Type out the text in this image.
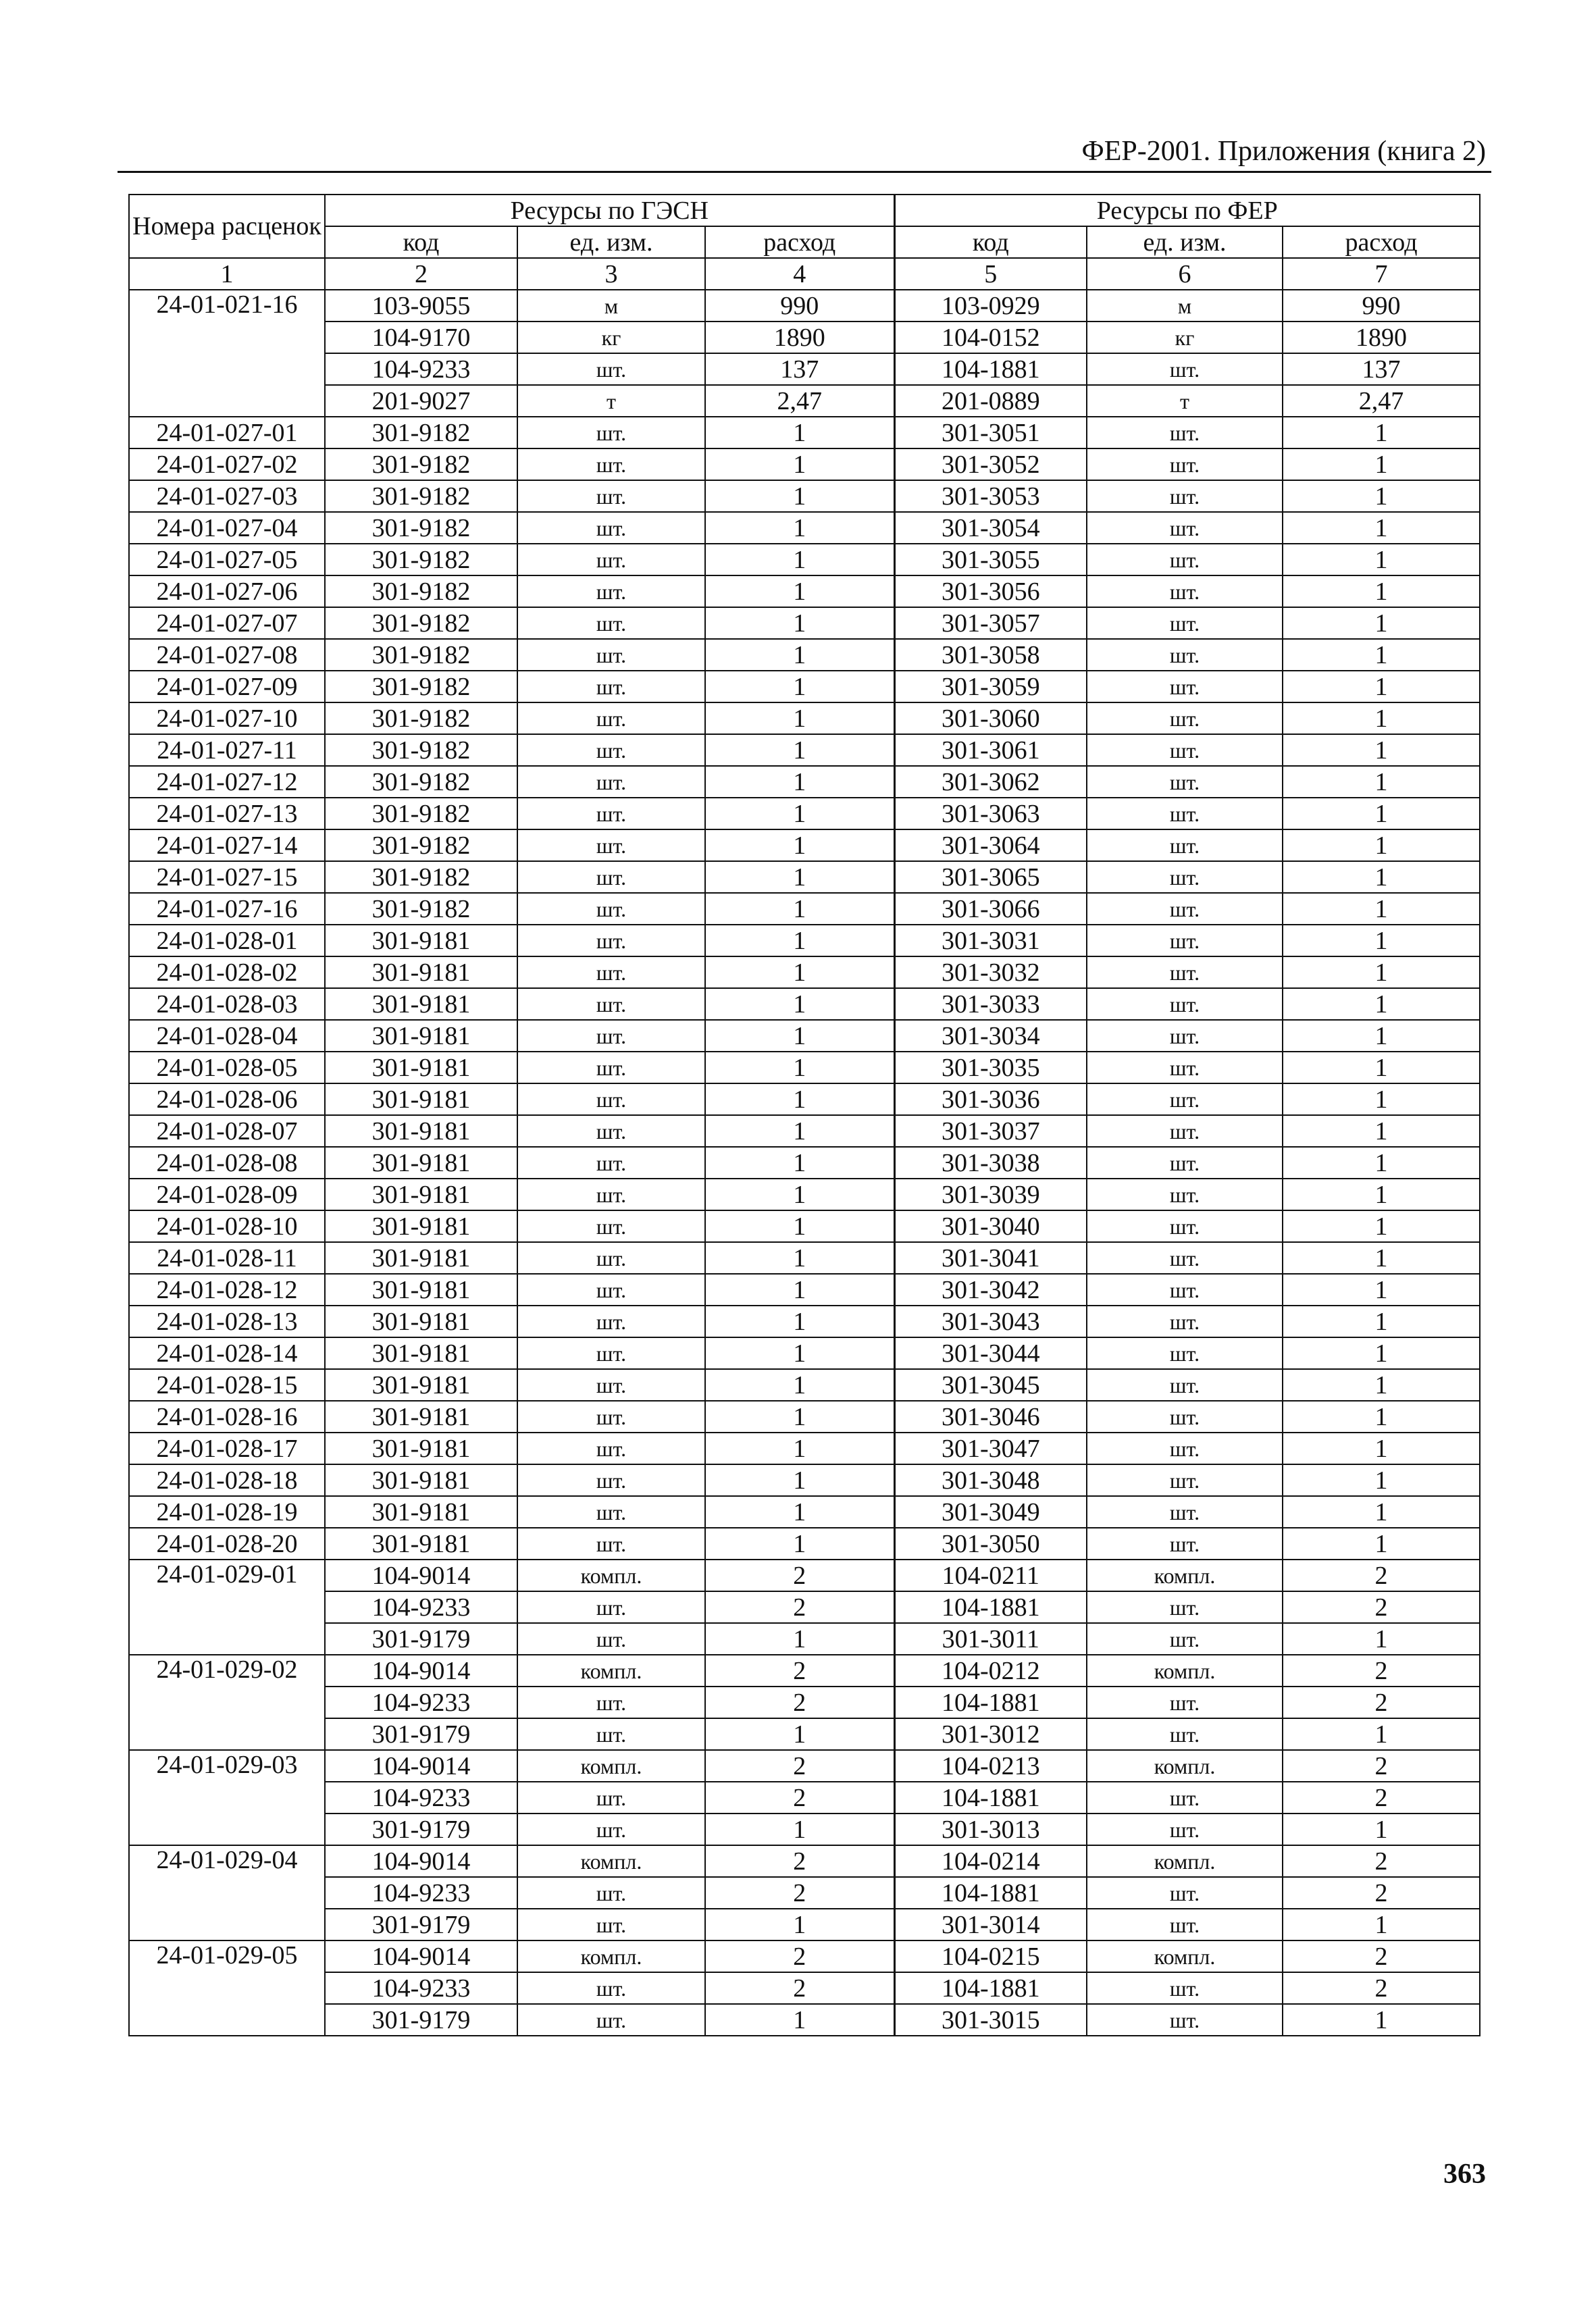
ФЕР-2001. Приложения (книга 2)
Номера расценок	Ресурсы по ГЭСН			Ресурсы по ФЕР		
	код	ед. изм.	расход	код	ед. изм.	расход
1	2	3	4	5	6	7
24-01-021-16	103-9055	м	990	103-0929	м	990
	104-9170	кг	1890	104-0152	кг	1890
	104-9233	шт.	137	104-1881	шт.	137
	201-9027	т	2,47	201-0889	т	2,47
24-01-027-01	301-9182	шт.	1	301-3051	шт.	1
24-01-027-02	301-9182	шт.	1	301-3052	шт.	1
24-01-027-03	301-9182	шт.	1	301-3053	шт.	1
24-01-027-04	301-9182	шт.	1	301-3054	шт.	1
24-01-027-05	301-9182	шт.	1	301-3055	шт.	1
24-01-027-06	301-9182	шт.	1	301-3056	шт.	1
24-01-027-07	301-9182	шт.	1	301-3057	шт.	1
24-01-027-08	301-9182	шт.	1	301-3058	шт.	1
24-01-027-09	301-9182	шт.	1	301-3059	шт.	1
24-01-027-10	301-9182	шт.	1	301-3060	шт.	1
24-01-027-11	301-9182	шт.	1	301-3061	шт.	1
24-01-027-12	301-9182	шт.	1	301-3062	шт.	1
24-01-027-13	301-9182	шт.	1	301-3063	шт.	1
24-01-027-14	301-9182	шт.	1	301-3064	шт.	1
24-01-027-15	301-9182	шт.	1	301-3065	шт.	1
24-01-027-16	301-9182	шт.	1	301-3066	шт.	1
24-01-028-01	301-9181	шт.	1	301-3031	шт.	1
24-01-028-02	301-9181	шт.	1	301-3032	шт.	1
24-01-028-03	301-9181	шт.	1	301-3033	шт.	1
24-01-028-04	301-9181	шт.	1	301-3034	шт.	1
24-01-028-05	301-9181	шт.	1	301-3035	шт.	1
24-01-028-06	301-9181	шт.	1	301-3036	шт.	1
24-01-028-07	301-9181	шт.	1	301-3037	шт.	1
24-01-028-08	301-9181	шт.	1	301-3038	шт.	1
24-01-028-09	301-9181	шт.	1	301-3039	шт.	1
24-01-028-10	301-9181	шт.	1	301-3040	шт.	1
24-01-028-11	301-9181	шт.	1	301-3041	шт.	1
24-01-028-12	301-9181	шт.	1	301-3042	шт.	1
24-01-028-13	301-9181	шт.	1	301-3043	шт.	1
24-01-028-14	301-9181	шт.	1	301-3044	шт.	1
24-01-028-15	301-9181	шт.	1	301-3045	шт.	1
24-01-028-16	301-9181	шт.	1	301-3046	шт.	1
24-01-028-17	301-9181	шт.	1	301-3047	шт.	1
24-01-028-18	301-9181	шт.	1	301-3048	шт.	1
24-01-028-19	301-9181	шт.	1	301-3049	шт.	1
24-01-028-20	301-9181	шт.	1	301-3050	шт.	1
24-01-029-01	104-9014	компл.	2	104-0211	компл.	2
	104-9233	шт.	2	104-1881	шт.	2
	301-9179	шт.	1	301-3011	шт.	1
24-01-029-02	104-9014	компл.	2	104-0212	компл.	2
	104-9233	шт.	2	104-1881	шт.	2
	301-9179	шт.	1	301-3012	шт.	1
24-01-029-03	104-9014	компл.	2	104-0213	компл.	2
	104-9233	шт.	2	104-1881	шт.	2
	301-9179	шт.	1	301-3013	шт.	1
24-01-029-04	104-9014	компл.	2	104-0214	компл.	2
	104-9233	шт.	2	104-1881	шт.	2
	301-9179	шт.	1	301-3014	шт.	1
24-01-029-05	104-9014	компл.	2	104-0215	компл.	2
	104-9233	шт.	2	104-1881	шт.	2
	301-9179	шт.	1	301-3015	шт.	1
363
